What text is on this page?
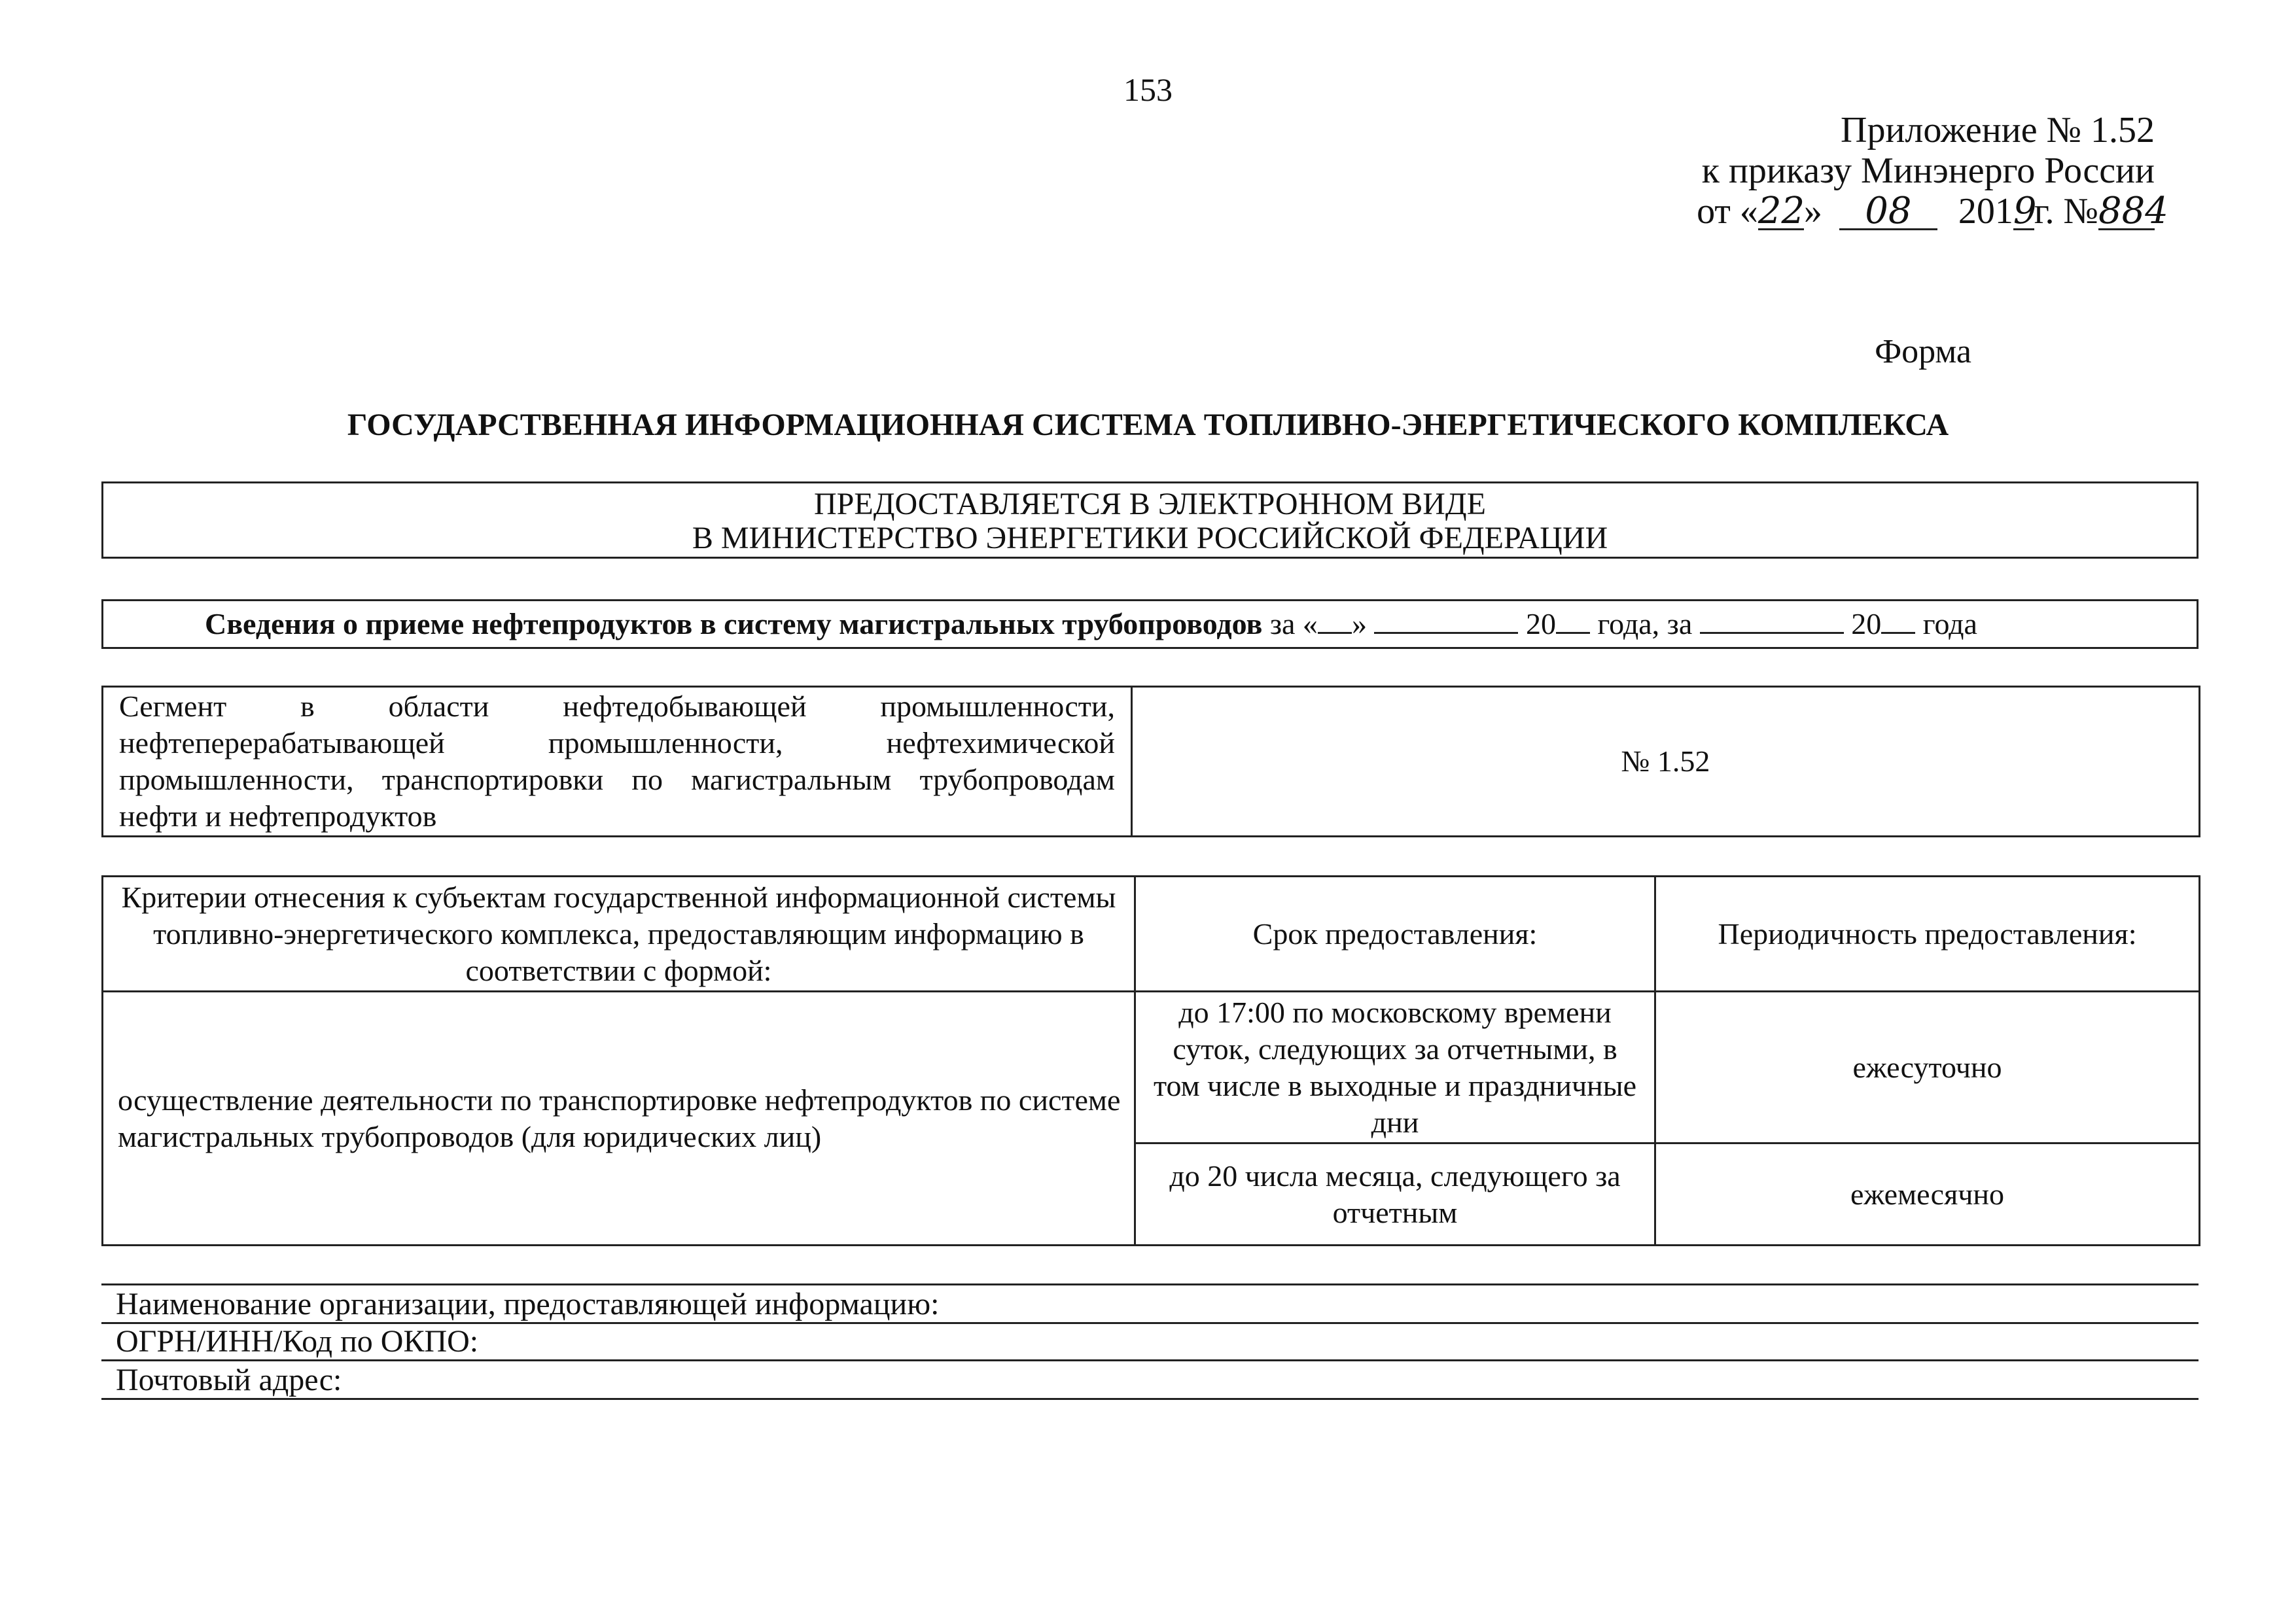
153
Приложение № 1.52
к приказу Минэнерго России
от «22» 08 2019г. №884
Форма
ГОСУДАРСТВЕННАЯ ИНФОРМАЦИОННАЯ СИСТЕМА ТОПЛИВНО-ЭНЕРГЕТИЧЕСКОГО КОМПЛЕКСА
ПРЕДОСТАВЛЯЕТСЯ В ЭЛЕКТРОННОМ ВИДЕ
В МИНИСТЕРСТВО ЭНЕРГЕТИКИ РОССИЙСКОЙ ФЕДЕРАЦИИ
Сведения о приеме нефтепродуктов в систему магистральных трубопроводов за « »	20 года, за	20 года
Сегмент в области нефтедобывающей промышленности, нефтеперерабатывающей промышленности, нефтехимической промышленности, транспортировки по магистральным трубопроводам нефти и нефтепродуктов	№ 1.52
Критерии отнесения к субъектам государственной информационной системы топливно-энергетического комплекса, предоставляющим информацию в соответствии с формой:	Срок предоставления:	Периодичность предоставления:
осуществление деятельности по транспортировке нефтепродуктов по системе магистральных трубопроводов (для юридических лиц)	до 17:00 по московскому времени суток, следующих за отчетными, в том числе в выходные и праздничные дни	ежесуточно
	до 20 числа месяца, следующего за отчетным	ежемесячно
Наименование организации, предоставляющей информацию:
ОГРН/ИНН/Код по ОКПО:
Почтовый адрес:
